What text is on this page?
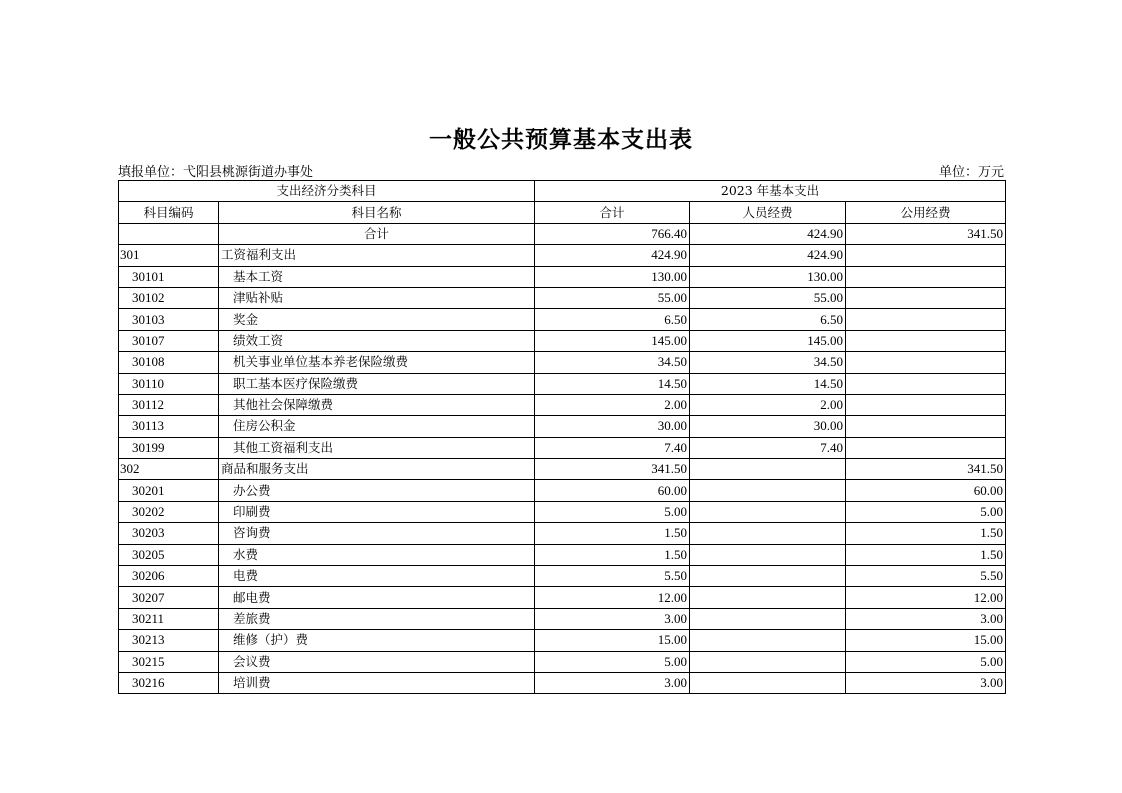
一般公共预算基本支出表
填报单位：弋阳县桃源街道办事处	单位：万元
支出经济分类科目		2023 年基本支出		
科目编码	科目名称	合计	人员经费	公用经费
	合计	766.40	424.90	341.50
301	工资福利支出	424.90	424.90	
30101	基本工资	130.00	130.00	
30102	津贴补贴	55.00	55.00	
30103	奖金	6.50	6.50	
30107	绩效工资	145.00	145.00	
30108	机关事业单位基本养老保险缴费	34.50	34.50	
30110	职工基本医疗保险缴费	14.50	14.50	
30112	其他社会保障缴费	2.00	2.00	
30113	住房公积金	30.00	30.00	
30199	其他工资福利支出	7.40	7.40	
302	商品和服务支出	341.50		341.50
30201	办公费	60.00		60.00
30202	印刷费	5.00		5.00
30203	咨询费	1.50		1.50
30205	水费	1.50		1.50
30206	电费	5.50		5.50
30207	邮电费	12.00		12.00
30211	差旅费	3.00		3.00
30213	维修（护）费	15.00		15.00
30215	会议费	5.00		5.00
30216	培训费	3.00		3.00
